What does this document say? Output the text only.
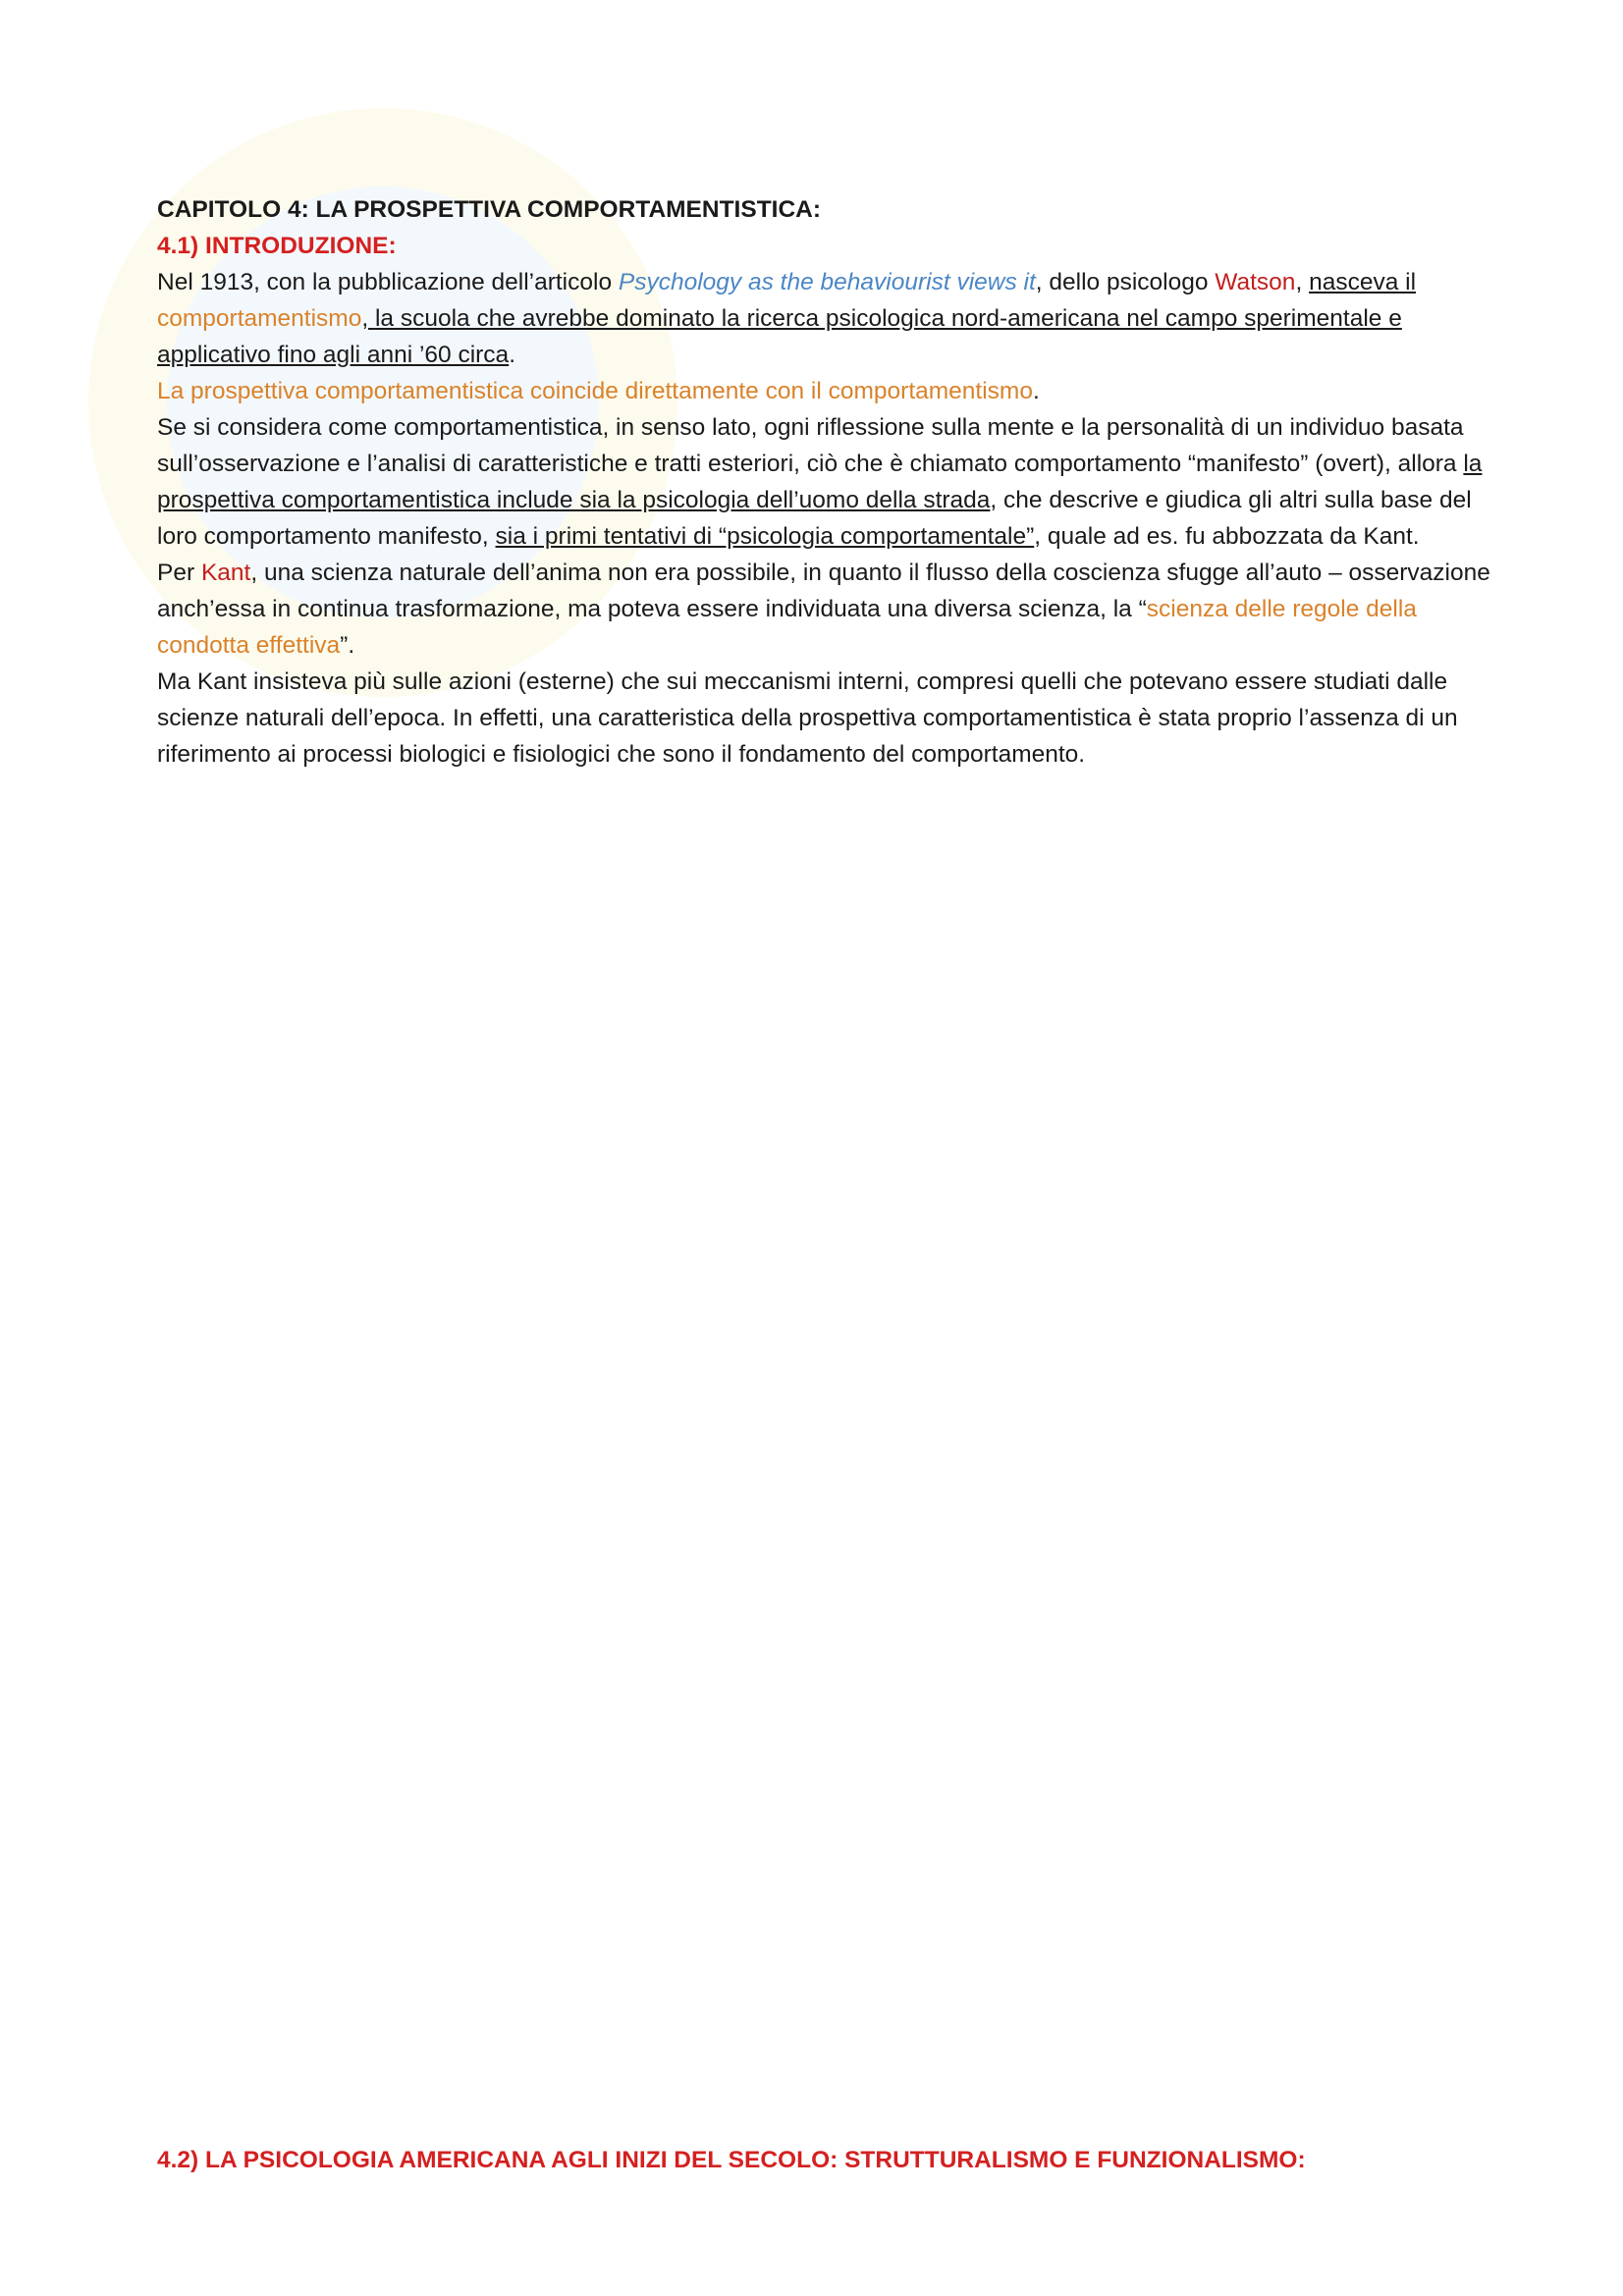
CAPITOLO 4: LA PROSPETTIVA COMPORTAMENTISTICA:

4.1) INTRODUZIONE:

Nel 1913, con la pubblicazione dell’articolo Psychology as the behaviourist views it, dello psicologo Watson, nasceva il comportamentismo, la scuola che avrebbe dominato la ricerca psicologica nord-americana nel campo sperimentale e applicativo fino agli anni ’60 circa.

La prospettiva comportamentistica coincide direttamente con il comportamentismo.

Se si considera come comportamentistica, in senso lato, ogni riflessione sulla mente e la personalità di un individuo basata sull’osservazione e l’analisi di caratteristiche e tratti esteriori, ciò che è chiamato comportamento “manifesto” (overt), allora la prospettiva comportamentistica include sia la psicologia dell’uomo della strada, che descrive e giudica gli altri sulla base del loro comportamento manifesto, sia i primi tentativi di “psicologia comportamentale”, quale ad es. fu abbozzata da Kant.

Per Kant, una scienza naturale dell’anima non era possibile, in quanto il flusso della coscienza sfugge all’auto – osservazione anch’essa in continua trasformazione, ma poteva essere individuata una diversa scienza, la “scienza delle regole della condotta effettiva”.

Ma Kant insisteva più sulle azioni (esterne) che sui meccanismi interni, compresi quelli che potevano essere studiati dalle scienze naturali dell’epoca. In effetti, una caratteristica della prospettiva comportamentistica è stata proprio l’assenza di un riferimento ai processi biologici e fisiologici che sono il fondamento del comportamento.

4.2) LA PSICOLOGIA AMERICANA AGLI INIZI DEL SECOLO: STRUTTURALISMO E FUNZIONALISMO:
